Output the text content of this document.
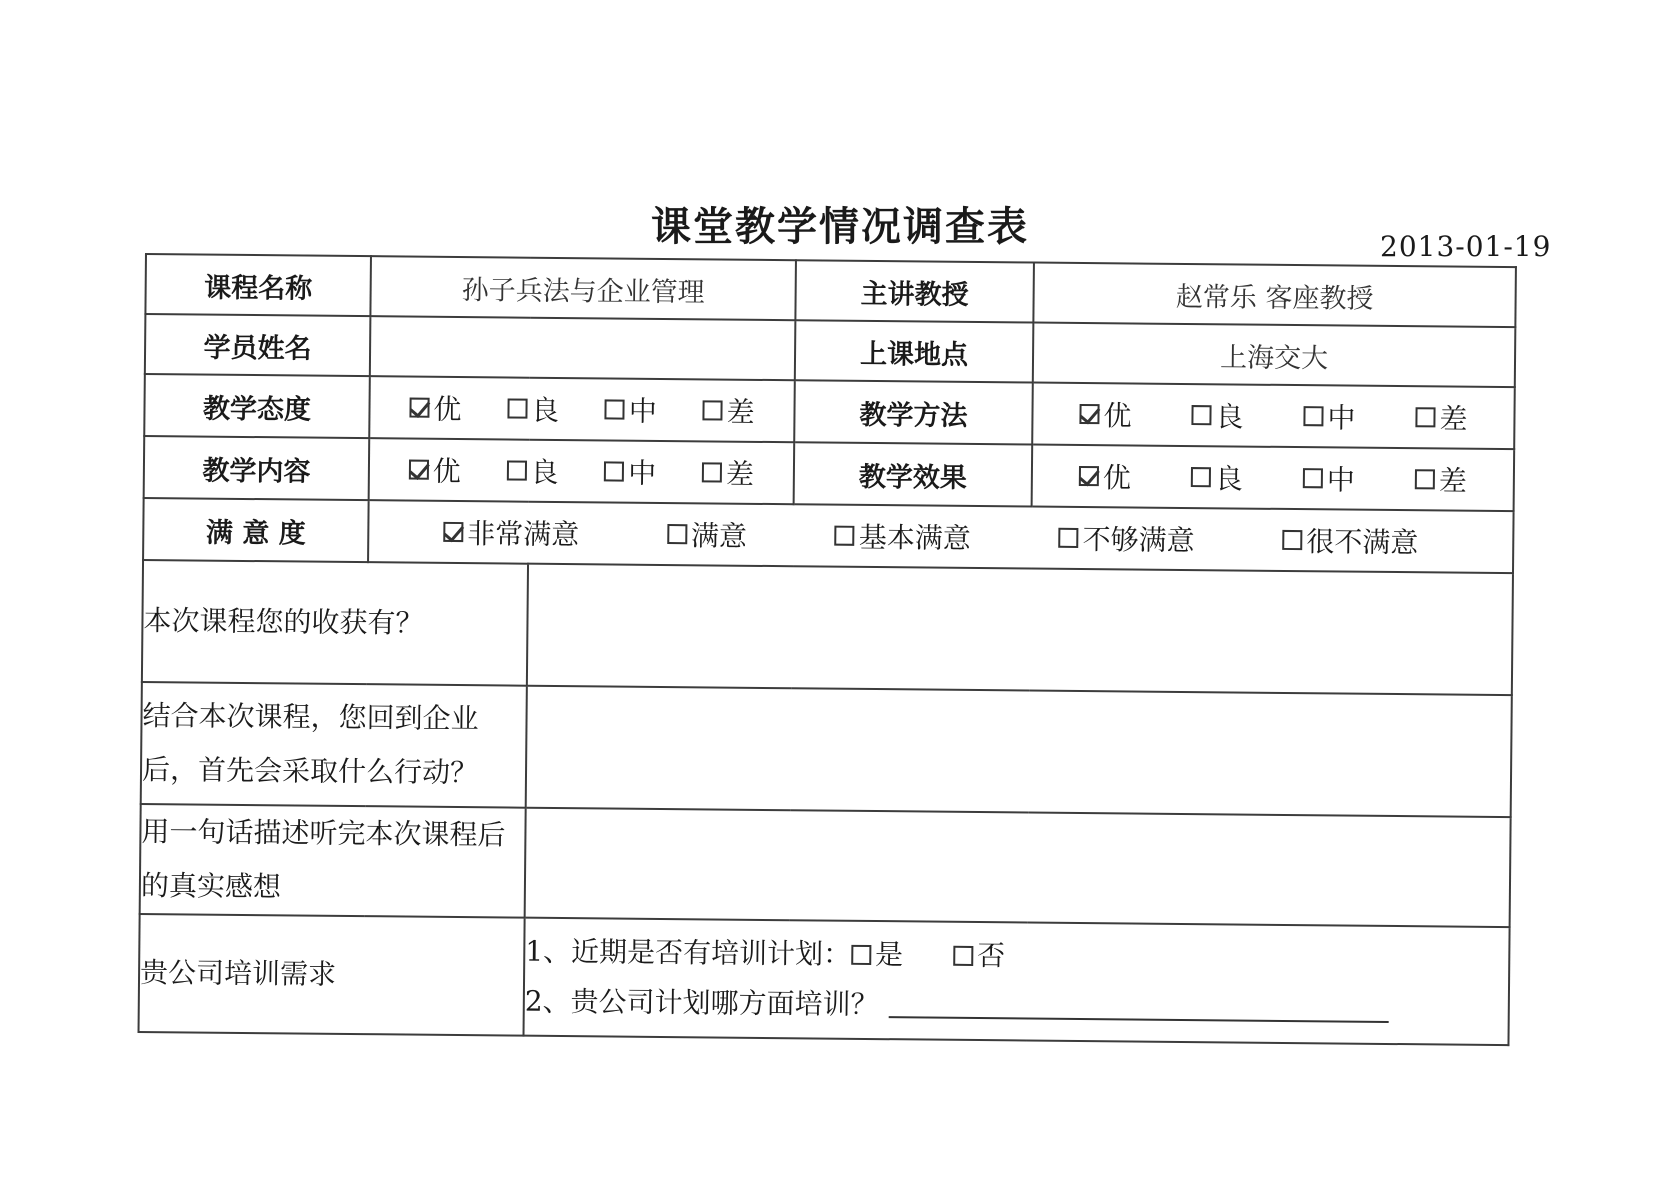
课堂教学情况调查表	2013-01-19
课程名称	孙子兵法与企业管理		主讲教授	赵常乐 客座教授
学员姓名			上课地点	上海交大
教学态度	优 良 中 差		教学方法	优 良 中 差

教学内容	优 良 中 差		教学效果	优 良 中 差

满 意 度	非常满意 满意 基本满意 不够满意 很不满意			

本次课程您的收获有？				
结合本次课程，您回到企业后，首先会采取什么行动？				
用一句话描述听完本次课程后的真实感想				
贵公司培训需求		1、近期是否有培训计划： 是 否
2、贵公司计划哪方面培训？		
